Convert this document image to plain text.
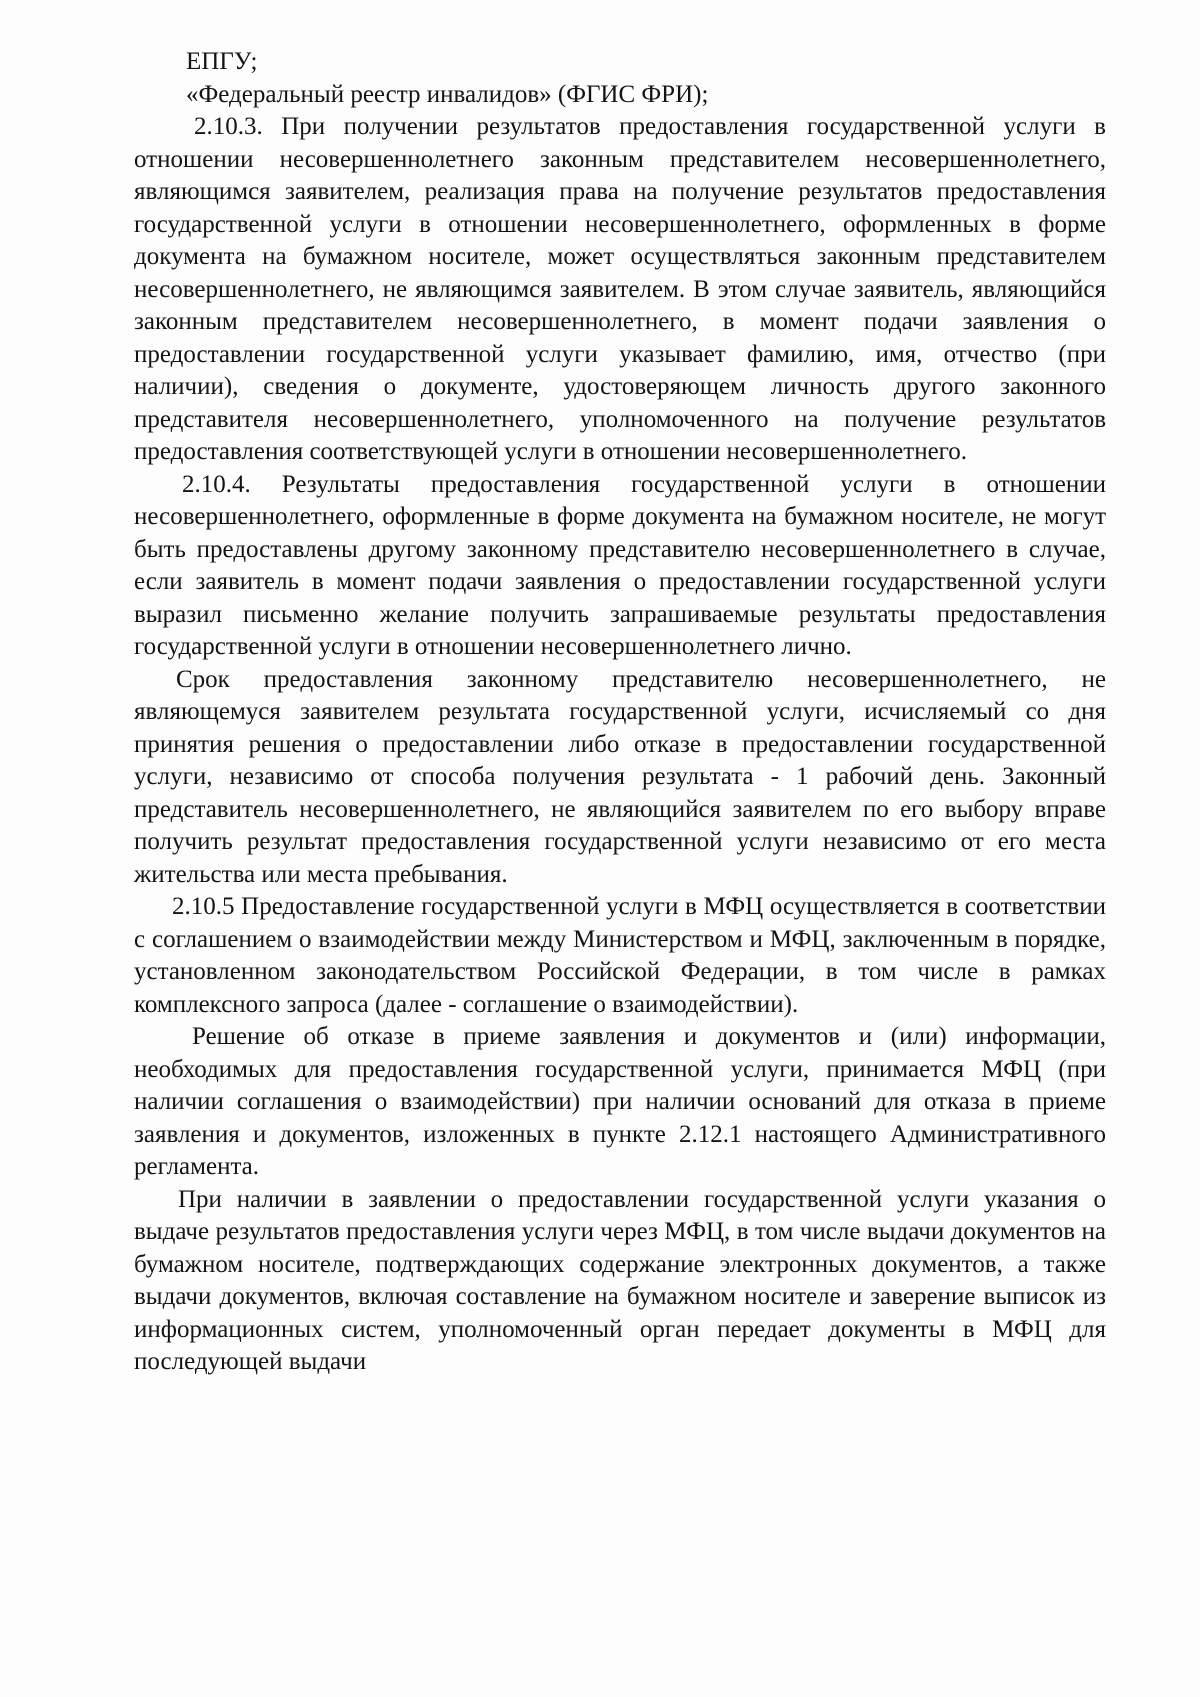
ЕПГУ;

«Федеральный реестр инвалидов» (ФГИС ФРИ);

2.10.3. При получении результатов предоставления государственной услуги в отношении несовершеннолетнего законным представителем несовершеннолетнего, являющимся заявителем, реализация права на получение результатов предоставления государственной услуги в отношении несовершеннолетнего, оформленных в форме документа на бумажном носителе, может осуществляться законным представителем несовершеннолетнего, не являющимся заявителем. В этом случае заявитель, являющийся законным представителем несовершеннолетнего, в момент подачи заявления о предоставлении государственной услуги указывает фамилию, имя, отчество (при наличии), сведения о документе, удостоверяющем личность другого законного представителя несовершеннолетнего, уполномоченного на получение результатов предоставления соответствующей услуги в отношении несовершеннолетнего.

2.10.4. Результаты предоставления государственной услуги в отношении несовершеннолетнего, оформленные в форме документа на бумажном носителе, не могут быть предоставлены другому законному представителю несовершеннолетнего в случае, если заявитель в момент подачи заявления о предоставлении государственной услуги выразил письменно желание получить запрашиваемые результаты предоставления государственной услуги в отношении несовершеннолетнего лично.

Срок предоставления законному представителю несовершеннолетнего, не являющемуся заявителем результата государственной услуги, исчисляемый со дня принятия решения о предоставлении либо отказе в предоставлении государственной услуги, независимо от способа получения результата - 1 рабочий день. Законный представитель несовершеннолетнего, не являющийся заявителем по его выбору вправе получить результат предоставления государственной услуги независимо от его места жительства или места пребывания.

2.10.5 Предоставление государственной услуги в МФЦ осуществляется в соответствии с соглашением о взаимодействии между Министерством и МФЦ, заключенным в порядке, установленном законодательством Российской Федерации, в том числе в рамках комплексного запроса (далее - соглашение о взаимодействии).

Решение об отказе в приеме заявления и документов и (или) информации, необходимых для предоставления государственной услуги, принимается МФЦ (при наличии соглашения о взаимодействии) при наличии оснований для отказа в приеме заявления и документов, изложенных в пункте 2.12.1 настоящего Административного регламента.

При наличии в заявлении о предоставлении государственной услуги указания о выдаче результатов предоставления услуги через МФЦ, в том числе выдачи документов на бумажном носителе, подтверждающих содержание электронных документов, а также выдачи документов, включая составление на бумажном носителе и заверение выписок из информационных систем, уполномоченный орган передает документы в МФЦ для последующей выдачи
